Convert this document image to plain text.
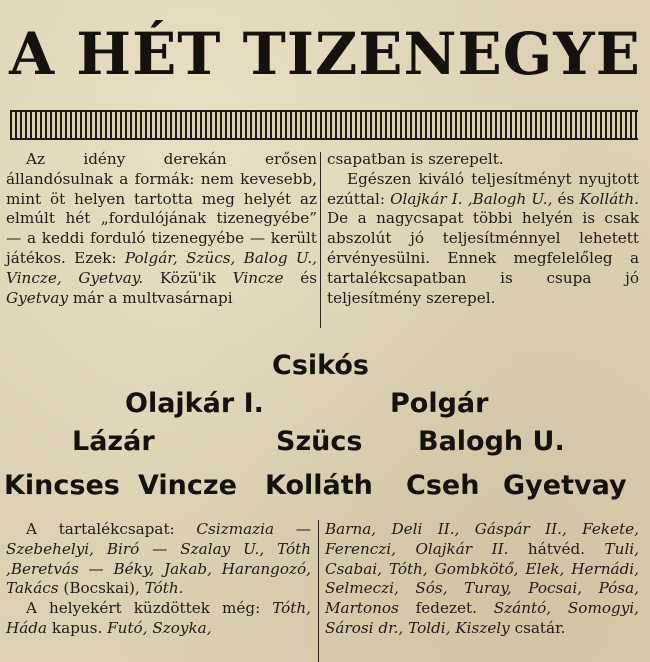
A HÉT TIZENEGYE

Az idény derekán erősen állandósulnak a formák: nem kevesebb, mint öt helyen tartotta meg helyét az elmúlt hét „fordulójának tizenegyébe” — a keddi forduló tizenegyébe — került játékos. Ezek: Polgár, Szücs, Balog U., Vincze, Gyetvay. Közü'ik Vincze és Gyetvay már a multvasárnapi

csapatban is szerepelt.

Egészen kiváló teljesítményt nyujtott ezúttal: Olajkár I. ,Balogh U., és Kolláth. De a nagycsapat többi helyén is csak abszolút jó teljesítménnyel lehetett érvényesülni. Ennek megfelelőleg a tartalékcsapatban is csupa jó teljesítmény szerepel.

Csikós
Olajkár I.	Polgár
Lázár	Szücs Balogh U.
Kincses Vincze Kolláth Cseh Gyetvay

A tartalékcsapat: Csizmazia — Szebehelyi, Biró — Szalay U., Tóth ,Beretvás — Béky, Jakab, Harangozó, Takács (Bocskai), Tóth.

A helyekért küzdöttek még: Tóth, Háda kapus. Futó, Szoyka,

Barna, Deli II., Gáspár II., Fekete, Ferenczi, Olajkár II. hátvéd. Tuli, Csabai, Tóth, Gombkötő, Elek, Hernádi, Selmeczi, Sós, Turay, Pocsai, Pósa, Martonos fedezet. Szántó, Somogyi, Sárosi dr., Toldi, Kiszely csatár.
